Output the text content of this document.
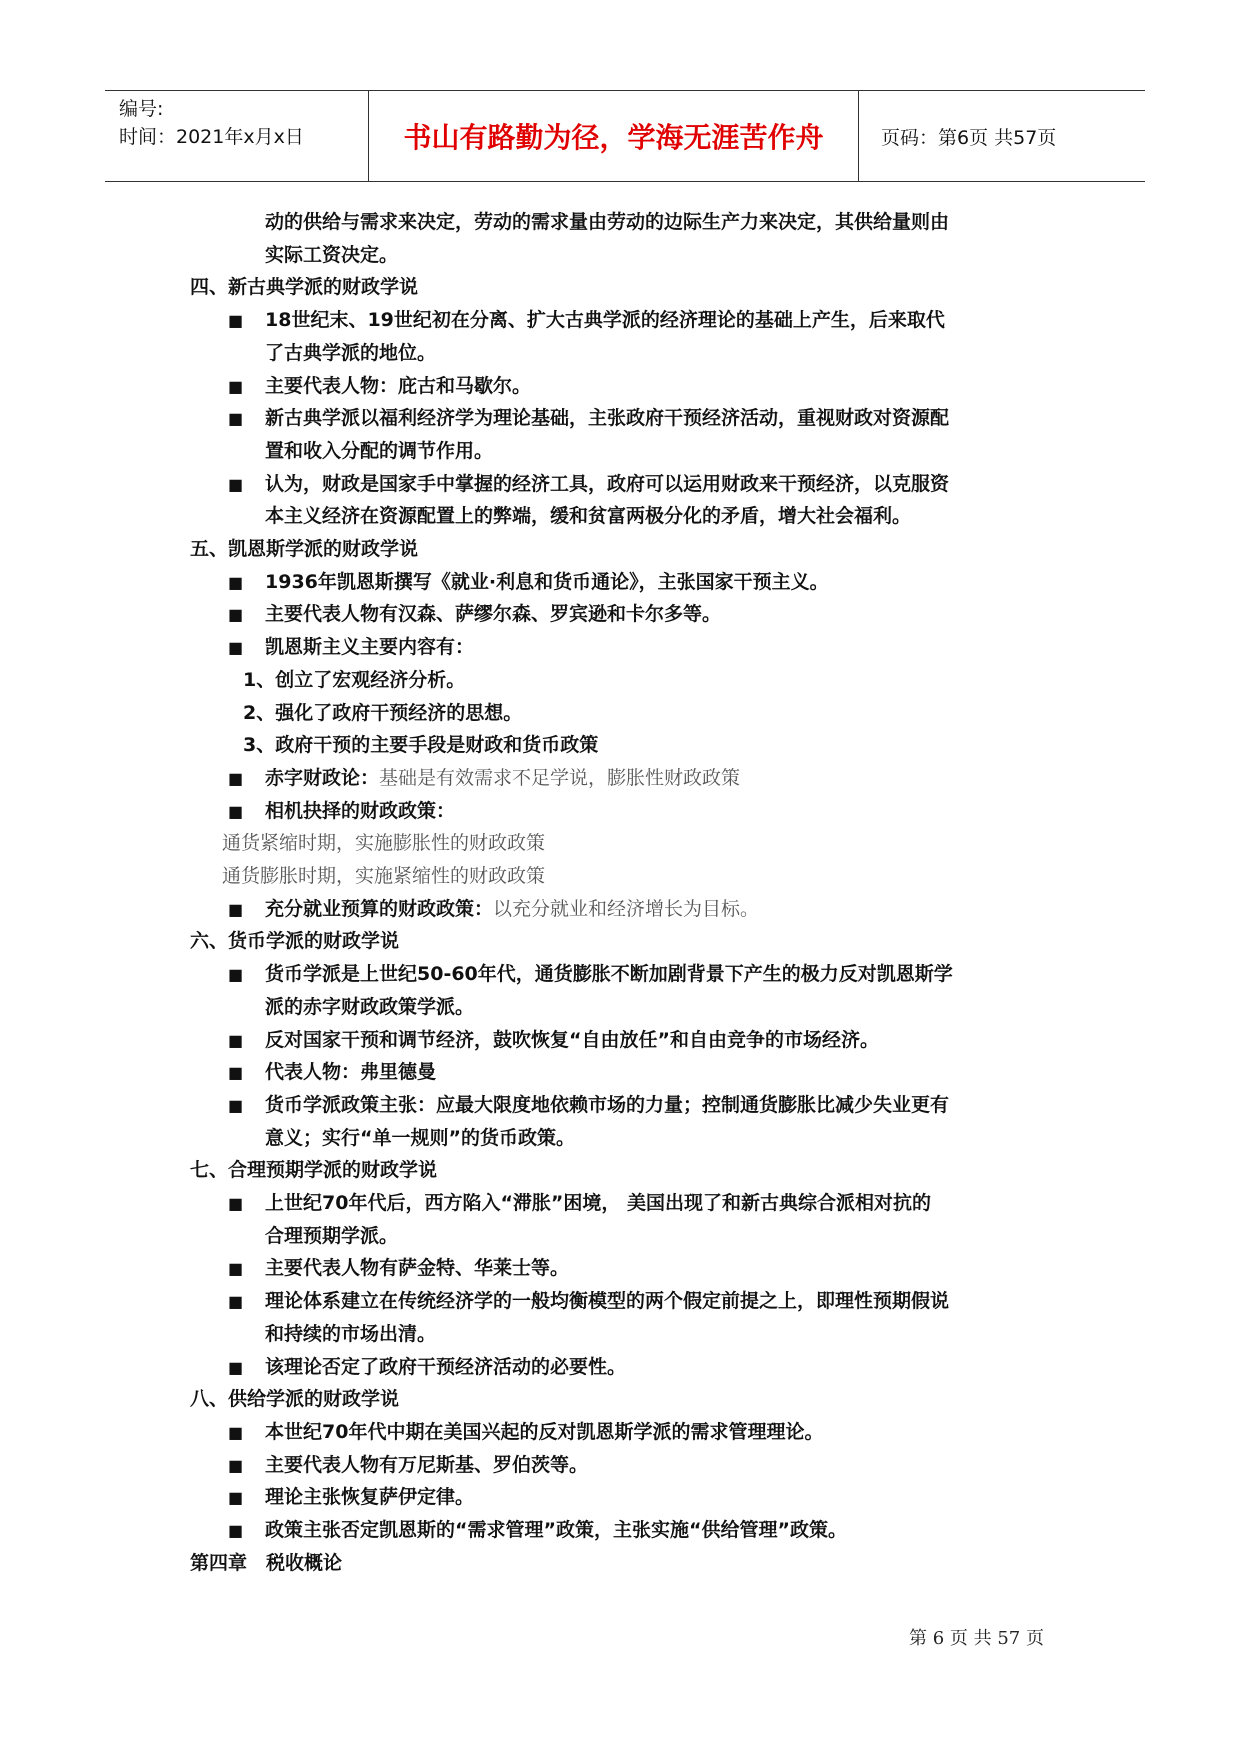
编号:
时间：2021年x月x日	书山有路勤为径，学海无涯苦作舟	页码：第6页 共57页
动的供给与需求来决定，劳动的需求量由劳动的边际生产力来决定，其供给量则由
实际工资决定。
四、新古典学派的财政学说
■ 18世纪末、19世纪初在分离、扩大古典学派的经济理论的基础上产生，后来取代
了古典学派的地位。
■ 主要代表人物：庇古和马歇尔。
■ 新古典学派以福利经济学为理论基础，主张政府干预经济活动，重视财政对资源配
置和收入分配的调节作用。
■ 认为，财政是国家手中掌握的经济工具，政府可以运用财政来干预经济，以克服资
本主义经济在资源配置上的弊端，缓和贫富两极分化的矛盾，增大社会福利。
五、凯恩斯学派的财政学说
■ 1936年凯恩斯撰写《就业·利息和货币通论》，主张国家干预主义。
■ 主要代表人物有汉森、萨缪尔森、罗宾逊和卡尔多等。
■ 凯恩斯主义主要内容有：
1、创立了宏观经济分析。
2、强化了政府干预经济的思想。
3、政府干预的主要手段是财政和货币政策
■ 赤字财政论：基础是有效需求不足学说，膨胀性财政政策
■ 相机抉择的财政政策：
通货紧缩时期，实施膨胀性的财政政策
通货膨胀时期，实施紧缩性的财政政策
■ 充分就业预算的财政政策：以充分就业和经济增长为目标。
六、货币学派的财政学说
■ 货币学派是上世纪50-60年代，通货膨胀不断加剧背景下产生的极力反对凯恩斯学
派的赤字财政政策学派。
■ 反对国家干预和调节经济，鼓吹恢复“自由放任”和自由竞争的市场经济。
■ 代表人物：弗里德曼
■ 货币学派政策主张：应最大限度地依赖市场的力量；控制通货膨胀比减少失业更有
意义；实行“单一规则”的货币政策。
七、合理预期学派的财政学说
■ 上世纪70年代后，西方陷入“滞胀”困境， 美国出现了和新古典综合派相对抗的
合理预期学派。
■ 主要代表人物有萨金特、华莱士等。
■ 理论体系建立在传统经济学的一般均衡模型的两个假定前提之上，即理性预期假说
和持续的市场出清。
■ 该理论否定了政府干预经济活动的必要性。
八、供给学派的财政学说
■ 本世纪70年代中期在美国兴起的反对凯恩斯学派的需求管理理论。
■ 主要代表人物有万尼斯基、罗伯茨等。
■ 理论主张恢复萨伊定律。
■ 政策主张否定凯恩斯的“需求管理”政策，主张实施“供给管理”政策。
第四章　税收概论
第 6 页 共 57 页
